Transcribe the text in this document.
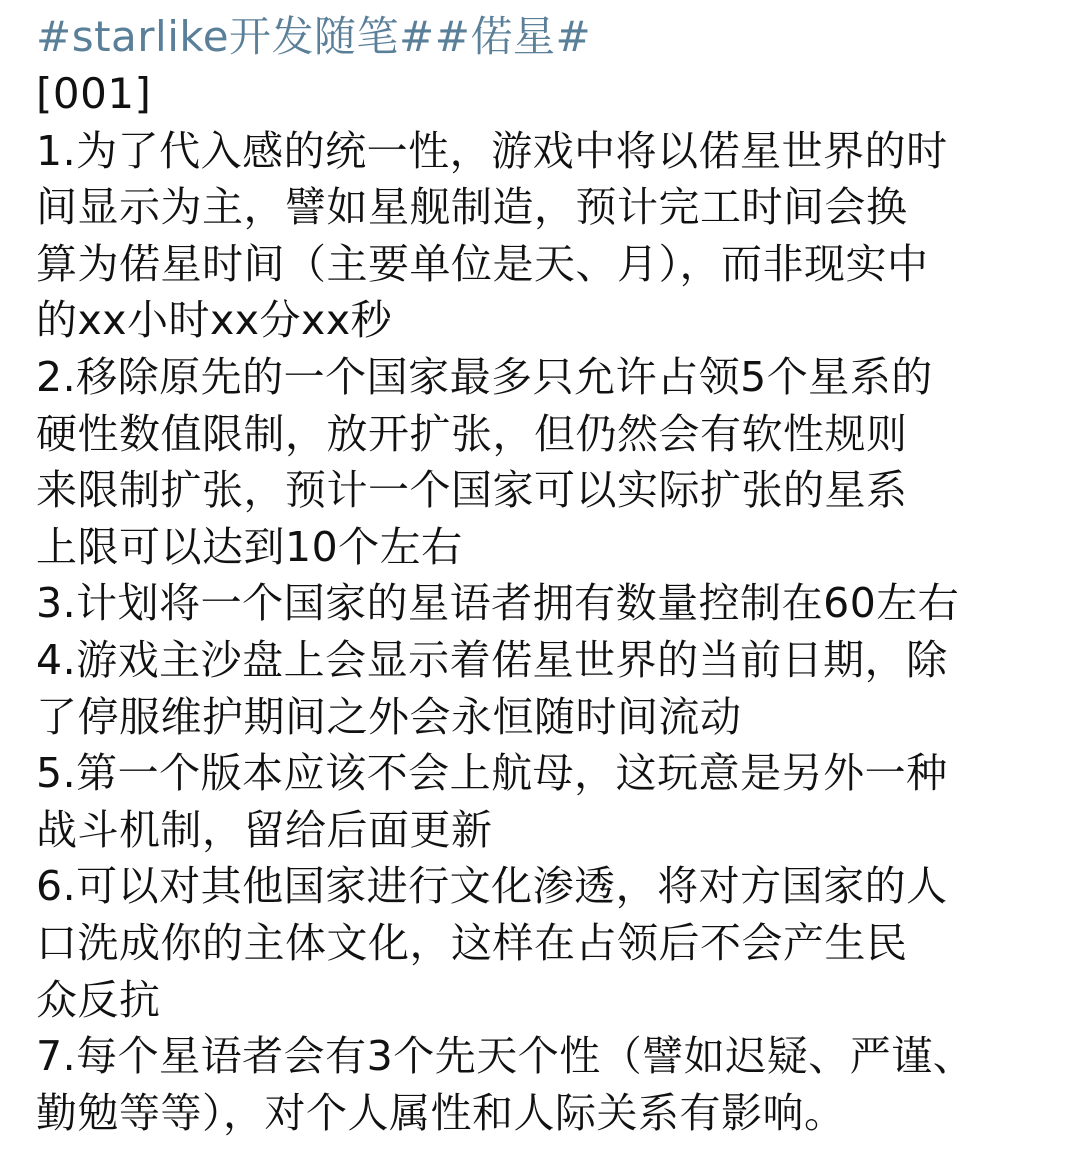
#starlike开发随笔##偌星#
[001]
1.为了代入感的统一性，游戏中将以偌星世界的时
间显示为主，譬如星舰制造，预计完工时间会换
算为偌星时间（主要单位是天、月），而非现实中
的xx小时xx分xx秒
2.移除原先的一个国家最多只允许占领5个星系的
硬性数值限制，放开扩张，但仍然会有软性规则
来限制扩张，预计一个国家可以实际扩张的星系
上限可以达到10个左右
3.计划将一个国家的星语者拥有数量控制在60左右
4.游戏主沙盘上会显示着偌星世界的当前日期，除
了停服维护期间之外会永恒随时间流动
5.第一个版本应该不会上航母，这玩意是另外一种
战斗机制，留给后面更新
6.可以对其他国家进行文化渗透，将对方国家的人
口洗成你的主体文化，这样在占领后不会产生民
众反抗
7.每个星语者会有3个先天个性（譬如迟疑、严谨、
勤勉等等），对个人属性和人际关系有影响。
